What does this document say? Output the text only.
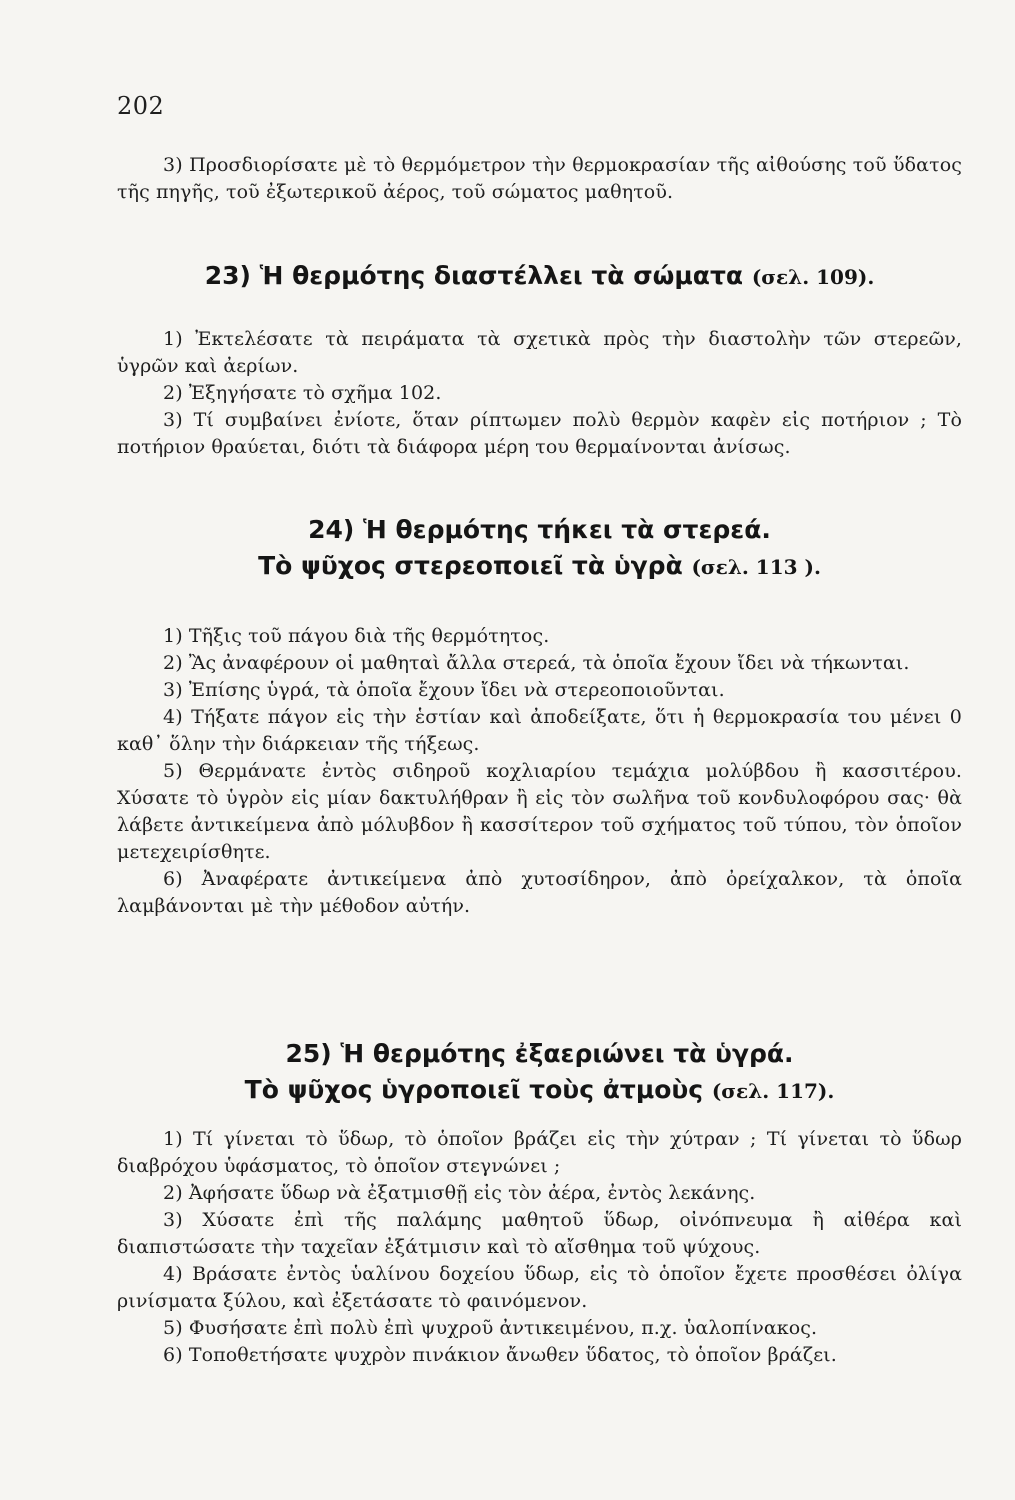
202

3) Προσδιορίσατε μὲ τὸ θερμόμετρον τὴν θερμοκρασίαν τῆς αἰθούσης τοῦ ὕδατος τῆς πηγῆς, τοῦ ἐξωτερικοῦ ἀέρος, τοῦ σώματος μαθητοῦ.

23) Ἡ θερμότης διαστέλλει τὰ σώματα (σελ. 109).

1) Ἐκτελέσατε τὰ πειράματα τὰ σχετικὰ πρὸς τὴν διαστολὴν τῶν στερεῶν, ὑγρῶν καὶ ἀερίων.

2) Ἐξηγήσατε τὸ σχῆμα 102.

3) Τί συμβαίνει ἐνίοτε, ὅταν ρίπτωμεν πολὺ θερμὸν καφὲν εἰς ποτήριον ; Τὸ ποτήριον θραύεται, διότι τὰ διάφορα μέρη του θερμαίνονται ἀνίσως.

24) Ἡ θερμότης τήκει τὰ στερεά.
Τὸ ψῦχος στερεοποιεῖ τὰ ὑγρὰ (σελ. 113 ).

1) Τῆξις τοῦ πάγου διὰ τῆς θερμότητος.

2) Ἂς ἀναφέρουν οἱ μαθηταὶ ἄλλα στερεά, τὰ ὁποῖα ἔχουν ἴδει νὰ τήκωνται.

3) Ἐπίσης ὑγρά, τὰ ὁποῖα ἔχουν ἴδει νὰ στερεοποιοῦνται.

4) Τήξατε πάγον εἰς τὴν ἑστίαν καὶ ἀποδείξατε, ὅτι ἡ θερμοκρασία του μένει 0 καθ᾽ ὅλην τὴν διάρκειαν τῆς τήξεως.

5) Θερμάνατε ἐντὸς σιδηροῦ κοχλιαρίου τεμάχια μολύβδου ἢ κασσιτέρου. Χύσατε τὸ ὑγρὸν εἰς μίαν δακτυλήθραν ἢ εἰς τὸν σωλῆνα τοῦ κονδυλοφόρου σας· θὰ λάβετε ἀντικείμενα ἀπὸ μόλυβδον ἢ κασσίτερον τοῦ σχήματος τοῦ τύπου, τὸν ὁποῖον μετεχειρίσθητε.

6) Ἀναφέρατε ἀντικείμενα ἀπὸ χυτοσίδηρον, ἀπὸ ὀρείχαλκον, τὰ ὁποῖα λαμβάνονται μὲ τὴν μέθοδον αὐτήν.

25) Ἡ θερμότης ἐξαεριώνει τὰ ὑγρά.
Τὸ ψῦχος ὑγροποιεῖ τοὺς ἀτμοὺς (σελ. 117).

1) Τί γίνεται τὸ ὕδωρ, τὸ ὁποῖον βράζει εἰς τὴν χύτραν ; Τί γίνεται τὸ ὕδωρ διαβρόχου ὑφάσματος, τὸ ὁποῖον στεγνώνει ;

2) Ἀφήσατε ὕδωρ νὰ ἐξατμισθῇ εἰς τὸν ἀέρα, ἐντὸς λεκάνης.

3) Χύσατε ἐπὶ τῆς παλάμης μαθητοῦ ὕδωρ, οἰνόπνευμα ἢ αἰθέρα καὶ διαπιστώσατε τὴν ταχεῖαν ἐξάτμισιν καὶ τὸ αἴσθημα τοῦ ψύχους.

4) Βράσατε ἐντὸς ὑαλίνου δοχείου ὕδωρ, εἰς τὸ ὁποῖον ἔχετε προσθέσει ὀλίγα ρινίσματα ξύλου, καὶ ἐξετάσατε τὸ φαινόμενον.

5) Φυσήσατε ἐπὶ πολὺ ἐπὶ ψυχροῦ ἀντικειμένου, π.χ. ὑαλοπίνακος.

6) Τοποθετήσατε ψυχρὸν πινάκιον ἄνωθεν ὕδατος, τὸ ὁποῖον βράζει.
